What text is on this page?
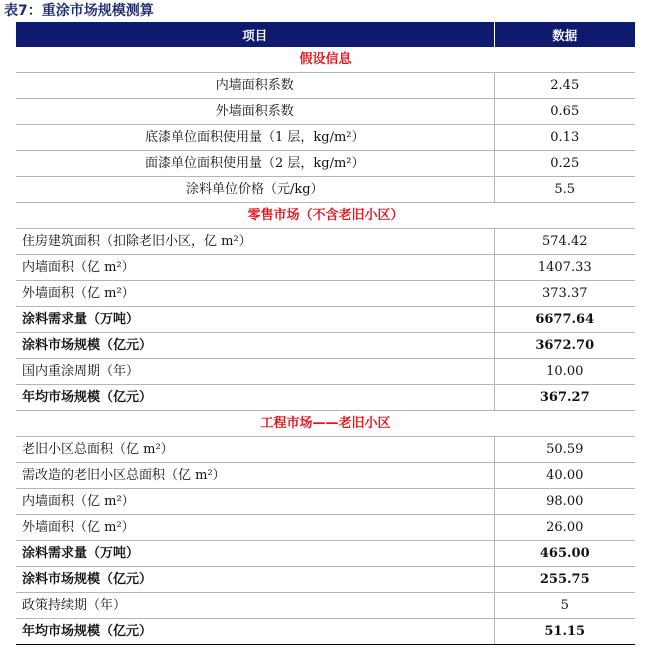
表7：重涂市场规模测算
项目	数据
假设信息	
内墙面积系数	2.45
外墙面积系数	0.65
底漆单位面积使用量（1 层，kg/m²）	0.13
面漆单位面积使用量（2 层，kg/m²）	0.25
涂料单位价格（元/kg）	5.5
零售市场（不含老旧小区）	
住房建筑面积（扣除老旧小区，亿 m²）	574.42
内墙面积（亿 m²）	1407.33
外墙面积（亿 m²）	373.37
涂料需求量（万吨）	6677.64
涂料市场规模（亿元）	3672.70
国内重涂周期（年）	10.00
年均市场规模（亿元）	367.27
工程市场——老旧小区	
老旧小区总面积（亿 m²）	50.59
需改造的老旧小区总面积（亿 m²）	40.00
内墙面积（亿 m²）	98.00
外墙面积（亿 m²）	26.00
涂料需求量（万吨）	465.00
涂料市场规模（亿元）	255.75
政策持续期（年）	5
年均市场规模（亿元）	51.15
